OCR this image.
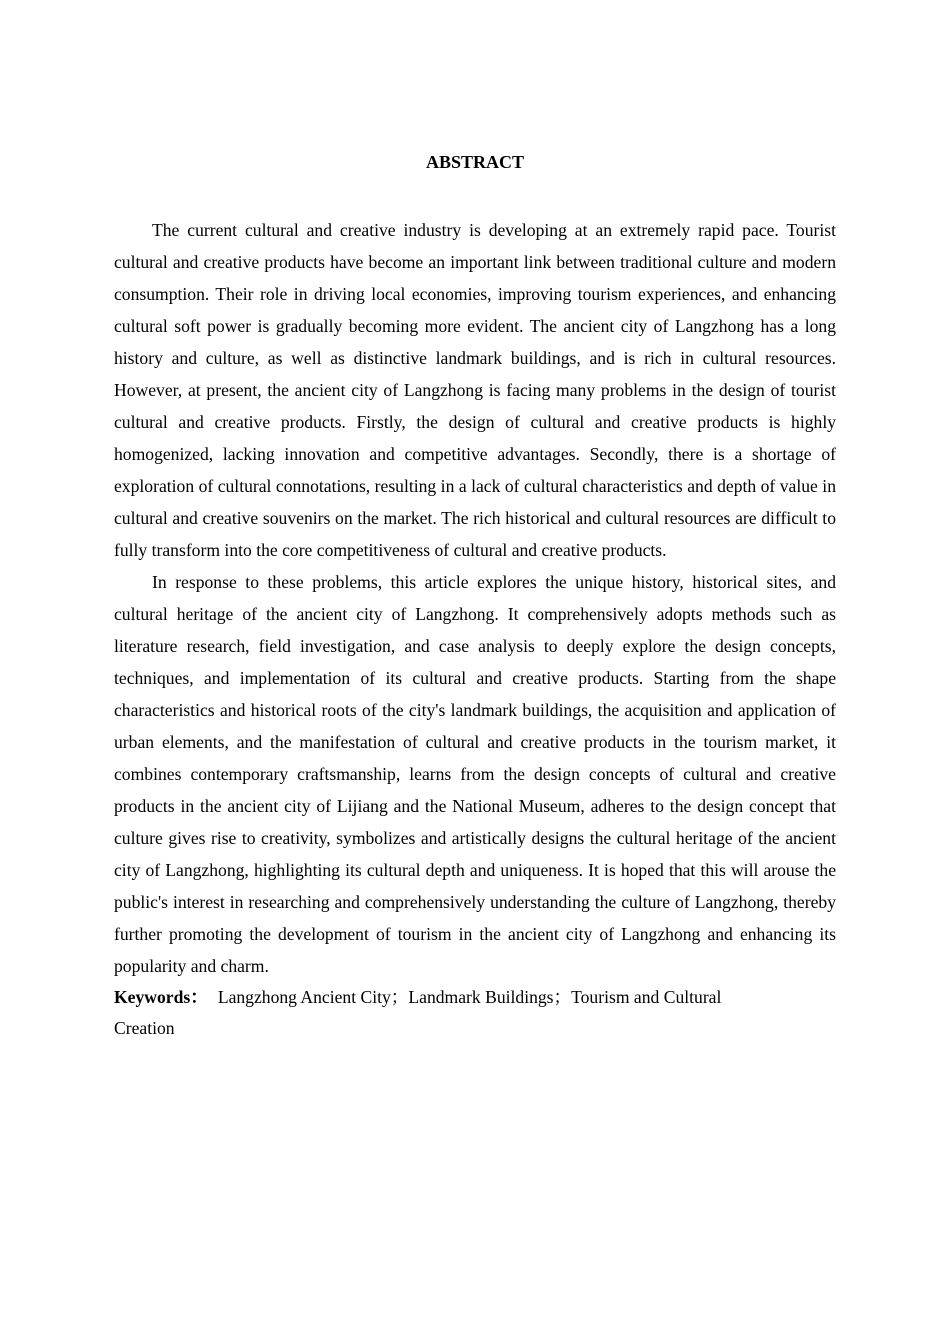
ABSTRACT

The current cultural and creative industry is developing at an extremely rapid pace. Tourist cultural and creative products have become an important link between traditional culture and modern consumption. Their role in driving local economies, improving tourism experiences, and enhancing cultural soft power is gradually becoming more evident. The ancient city of Langzhong has a long history and culture, as well as distinctive landmark buildings, and is rich in cultural resources. However, at present, the ancient city of Langzhong is facing many problems in the design of tourist cultural and creative products. Firstly, the design of cultural and creative products is highly homogenized, lacking innovation and competitive advantages. Secondly, there is a shortage of exploration of cultural connotations, resulting in a lack of cultural characteristics and depth of value in cultural and creative souvenirs on the market. The rich historical and cultural resources are difficult to fully transform into the core competitiveness of cultural and creative products.

In response to these problems, this article explores the unique history, historical sites, and cultural heritage of the ancient city of Langzhong. It comprehensively adopts methods such as literature research, field investigation, and case analysis to deeply explore the design concepts, techniques, and implementation of its cultural and creative products. Starting from the shape characteristics and historical roots of the city's landmark buildings, the acquisition and application of urban elements, and the manifestation of cultural and creative products in the tourism market, it combines contemporary craftsmanship, learns from the design concepts of cultural and creative products in the ancient city of Lijiang and the National Museum, adheres to the design concept that culture gives rise to creativity, symbolizes and artistically designs the cultural heritage of the ancient city of Langzhong, highlighting its cultural depth and uniqueness. It is hoped that this will arouse the public's interest in researching and comprehensively understanding the culture of Langzhong, thereby further promoting the development of tourism in the ancient city of Langzhong and enhancing its popularity and charm.

Keywords： Langzhong Ancient City；Landmark Buildings；Tourism and Cultural Creation
